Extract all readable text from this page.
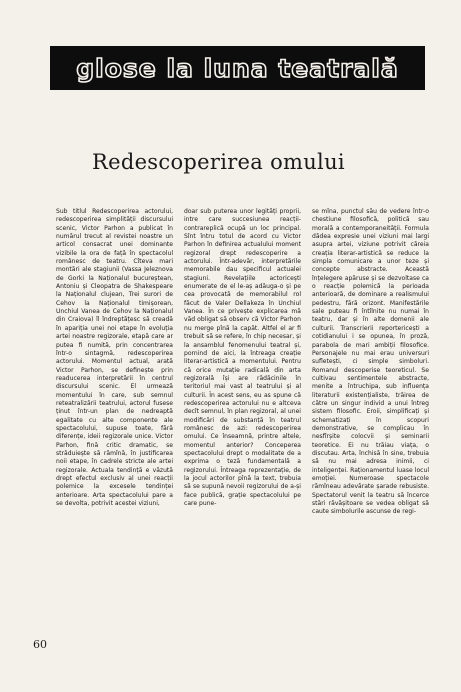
glose la luna teatrală
Redescoperirea omului

Sub titlul Redescoperirea actorului, redescoperirea simplității discursului scenic, Victor Parhon a publicat în numărul trecut al revistei noastre un articol consacrat unei dominante vizibile la ora de față în spectacolul românesc de teatru. Cîteva mari montări ale stagiunii (Vassa Jeleznova de Gorki la Naționalul bucureștean, Antoniu și Cleopatra de Shakespeare la Naționalul clujean, Trei surori de Cehov la Naționalul timișorean, Unchiul Vanea de Cehov la Naționalul din Craiova) îl îndreptățesc să creadă în apariția unei noi etape în evoluția artei noastre regizorale, etapă care ar putea fi numită, prin concentrarea într-o sintagmă, redescoperirea actorului. Momentul actual, arată Victor Parhon, se definește prin readucerea interpretării în centrul discursului scenic. El urmează momentului în care, sub semnul reteatralizării teatrului, actorul fusese ținut într-un plan de nedreaptă egalitate cu alte componente ale spectacolului, supuse toate, fără diferențe, ideii regizorale unice. Victor Parhon, fină critic dramatic, se străduiește să rămînă, în justificarea noii etape, în cadrele stricte ale artei regizorale. Actuala tendință e văzută drept efectul exclusiv al unei reacții polemice la excesele tendinței anterioare. Arta spectacolului pare a se devolta, potrivit acestei viziuni,

doar sub puterea unor legități proprii, intre care succesiunea reacții-contrareplică ocupă un loc principal. Sînt întru totul de acord cu Victor Parhon în definirea actualului moment regizoral drept redescoperire a actorului. Într-adevăr, interpretările memorabile dau specificul actualei stagiuni. Revelațiile actoricești enumerate de el le-aș adăuga-o și pe cea provocată de memorabilul rol făcut de Valer Dellakeza în Unchiul Vanea. În ce privește explicarea mă văd obligat să observ că Victor Parhon nu merge pînă la capăt. Altfel el ar fi trebuit să se refere, în chip necesar, și la ansamblul fenomenului teatral și, pornind de aici, la întreaga creație literar-artistică a momentului. Pentru că orice mutație radicală din arta regizorală își are rădăcinile în teritoriul mai vast al teatrului și al culturii. În acest sens, eu as spune că redescoperirea actorului nu e altceva decît semnul, în plan regizoral, al unei modificări de substanță în teatrul românesc de azi: redescoperirea omului. Ce înseamnă, printre altele, momentul anterior? Conceperea spectacolului drept o modalitate de a exprima o teză fundamentală a regizorului. Întreaga reprezentație, de la jocul actorilor pînă la text, trebuia să se supună nevoii regizorului de a-și face publică, grație spectacolului pe care pune-

se mîna, punctul său de vedere într-o chestiune filosofică, politică sau morală a contemporaneității. Formula dădea expresie unei viziuni mai largi asupra artei, viziune potrivit căreia creația literar-artistică se reduce la simpla comunicare a unor teze și concepte abstracte. Această înțelegere apăruse și se dezvoltase ca o reacție polemică la perioada anterioară, de dominare a realismului pedestru, fără orizont. Manifestările sale puteau fi întîlnite nu numai în teatru, dar și în alte domenii ale culturii. Transcrierii reportericești a cotidianului i se opunea, în proză, parabola de mari ambiții filosofice. Personajele nu mai erau universuri sufletești, ci simple simboluri. Romanul descoperise teoreticul. Se cultivau sentimentele abstracte, menite a întruchipa, sub influența literaturii existențialiste, trăirea de către un singur individ a unui întreg sistem filosofic. Eroii, simplificați și schematizați în scopuri demonstrative, se complicau în nesfîrșite colocvii și seminarii teoretice. Ei nu trăiau viața, o discutau. Arta, închisă în sine, trebuia să nu mai adresa inimii, ci inteligenței. Raționamentul luase locul emoției. Numeroase spectacole rămîneau adevărate șarade rebusiste. Spectatorul venit la teatru să încerce stări răvășitoare se vedea obligat să caute simbolurile ascunse de regi-

60
